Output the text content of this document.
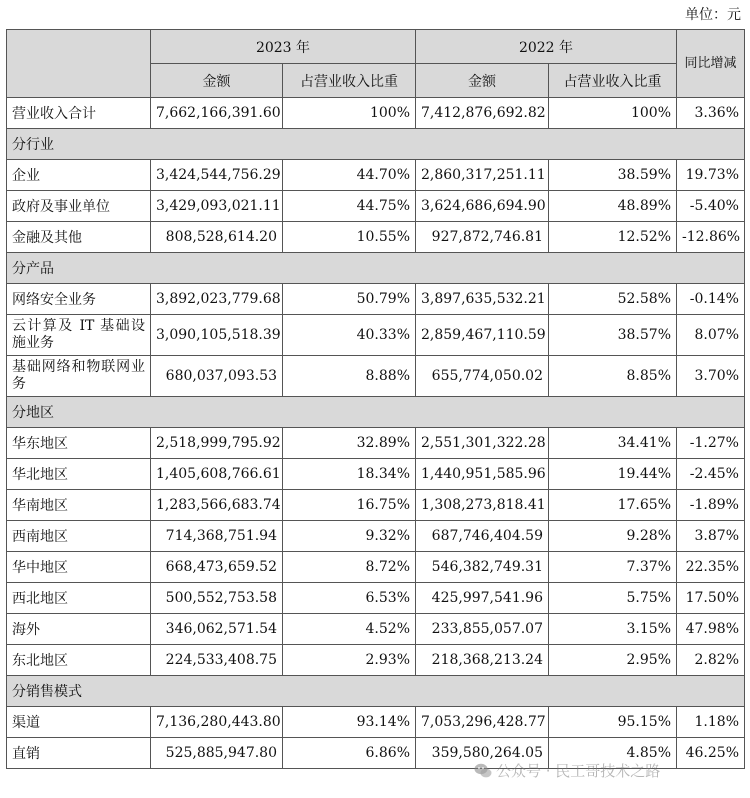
单位：元
	2023 年		2022 年		同比增减
	金额	占营业收入比重	金额	占营业收入比重	
营业收入合计	7,662,166,391.60	100%	7,412,876,692.82	100%	3.36%
分行业					
企业	3,424,544,756.29	44.70%	2,860,317,251.11	38.59%	19.73%
政府及事业单位	3,429,093,021.11	44.75%	3,624,686,694.90	48.89%	-5.40%
金融及其他	808,528,614.20	10.55%	927,872,746.81	12.52%	-12.86%
分产品					
网络安全业务	3,892,023,779.68	50.79%	3,897,635,532.21	52.58%	-0.14%
云计算及 IT 基础设施业务	3,090,105,518.39	40.33%	2,859,467,110.59	38.57%	8.07%
基础网络和物联网业务	680,037,093.53	8.88%	655,774,050.02	8.85%	3.70%
分地区					
华东地区	2,518,999,795.92	32.89%	2,551,301,322.28	34.41%	-1.27%
华北地区	1,405,608,766.61	18.34%	1,440,951,585.96	19.44%	-2.45%
华南地区	1,283,566,683.74	16.75%	1,308,273,818.41	17.65%	-1.89%
西南地区	714,368,751.94	9.32%	687,746,404.59	9.28%	3.87%
华中地区	668,473,659.52	8.72%	546,382,749.31	7.37%	22.35%
西北地区	500,552,753.58	6.53%	425,997,541.96	5.75%	17.50%
海外	346,062,571.54	4.52%	233,855,057.07	3.15%	47.98%
东北地区	224,533,408.75	2.93%	218,368,213.24	2.95%	2.82%
分销售模式					
渠道	7,136,280,443.80	93.14%	7,053,296,428.77	95.15%	1.18%
直销	525,885,947.80	6.86%	359,580,264.05	4.85%	46.25%
公众号 · 民工哥技术之路
